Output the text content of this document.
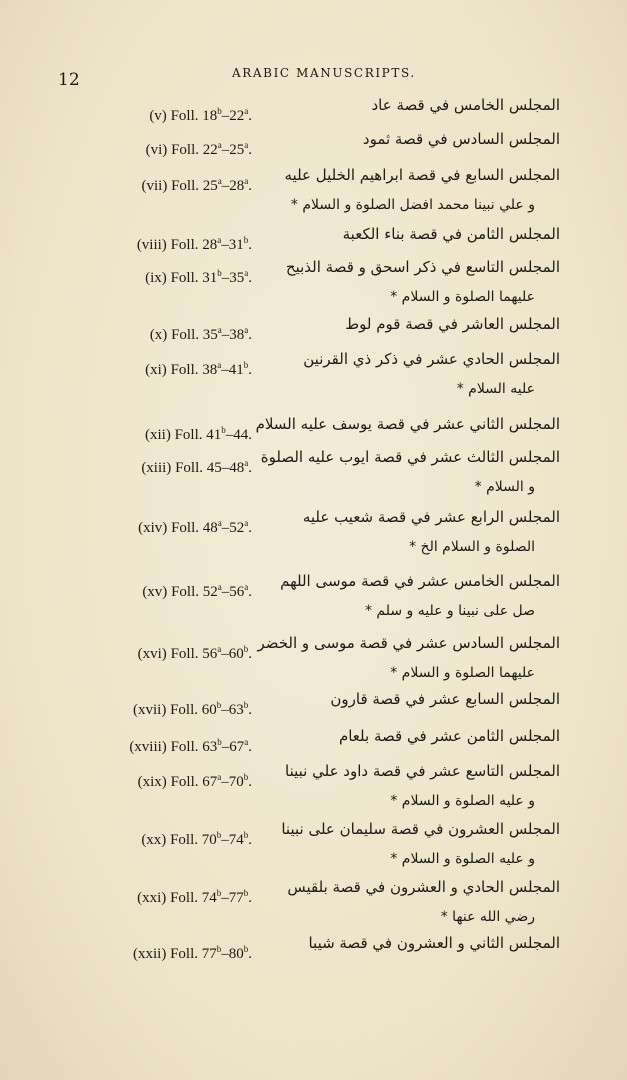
12	ARABIC MANUSCRIPTS.
(v) Foll. 18$^b$–22$^a$.
المجلس الخامس في قصة عاد
(vi) Foll. 22$^a$–25$^a$.
المجلس السادس في قصة ثمود
(vii) Foll. 25$^a$–28$^a$.
المجلس السابع في قصة ابراهيم الخليل عليه
و علي نبينا محمد افضل الصلوة و السلام *
(viii) Foll. 28$^a$–31$^b$.
المجلس الثامن في قصة بناء الكعبة
(ix) Foll. 31$^b$–35$^a$.
المجلس التاسع في ذكر اسحق و قصة الذبيح
عليهما الصلوة و السلام *
(x) Foll. 35$^a$–38$^a$.
المجلس العاشر في قصة قوم لوط
(xi) Foll. 38$^a$–41$^b$.
المجلس الحادي عشر في ذكر ذي القرنين
عليه السلام *
(xii) Foll. 41$^b$–44.
المجلس الثاني عشر في قصة يوسف عليه السلام
(xiii) Foll. 45–48$^a$.
المجلس الثالث عشر في قصة ايوب عليه الصلوة
و السلام *
(xiv) Foll. 48$^a$–52$^a$.
المجلس الرابع عشر في قصة شعيب عليه
الصلوة و السلام الخ *
(xv) Foll. 52$^a$–56$^a$.
المجلس الخامس عشر في قصة موسى اللهم
صل على نبينا و عليه و سلم *
(xvi) Foll. 56$^a$–60$^b$.
المجلس السادس عشر في قصة موسى و الخضر
عليهما الصلوة و السلام *
(xvii) Foll. 60$^b$–63$^b$.
المجلس السابع عشر في قصة قارون
(xviii) Foll. 63$^b$–67$^a$.
المجلس الثامن عشر في قصة بلعام
(xix) Foll. 67$^a$–70$^b$.
المجلس التاسع عشر في قصة داود علي نبينا
و عليه الصلوة و السلام *
(xx) Foll. 70$^b$–74$^b$.
المجلس العشرون في قصة سليمان على نبينا
و عليه الصلوة و السلام *
(xxi) Foll. 74$^b$–77$^b$.
المجلس الحادي و العشرون في قصة بلقيس
رضي الله عنها *
(xxii) Foll. 77$^b$–80$^b$.
المجلس الثاني و العشرون في قصة شيبا
